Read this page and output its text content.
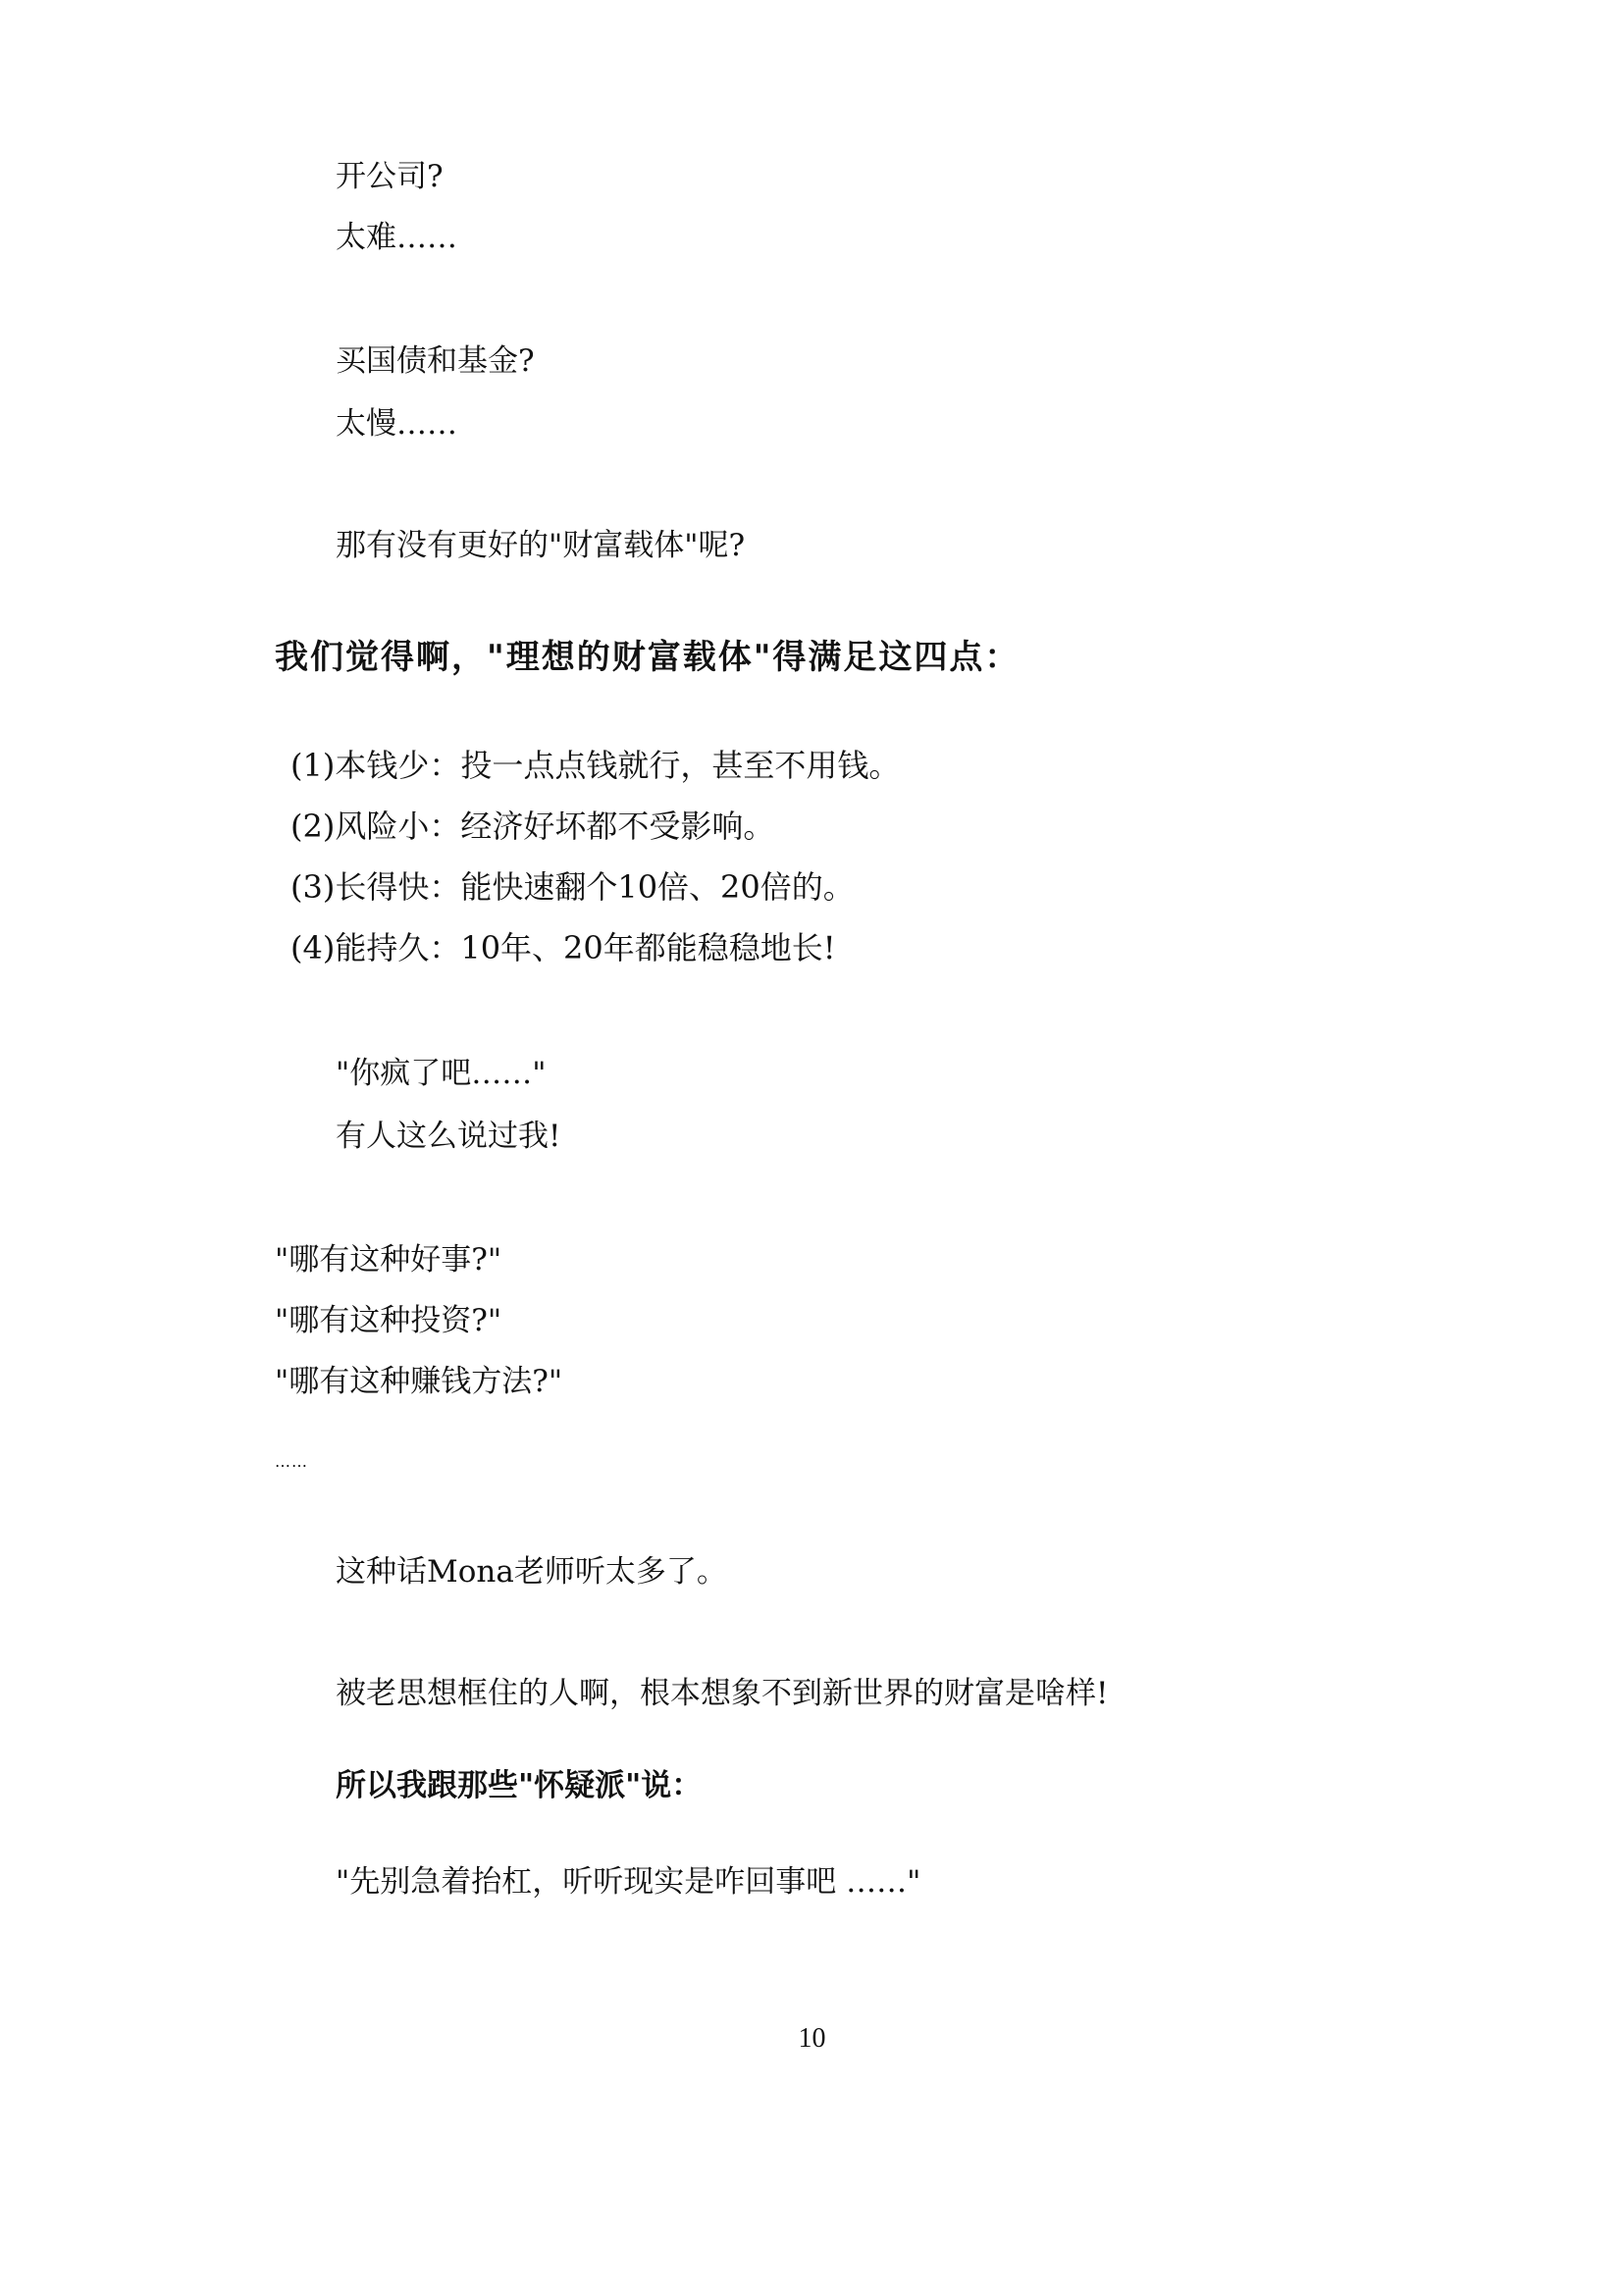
开公司?
太难……
买国债和基金?
太慢……
那有没有更好的"财富载体"呢?
我们觉得啊，"理想的财富载体"得满足这四点：
(1)本钱少：投一点点钱就行，甚至不用钱。
(2)风险小：经济好坏都不受影响。
(3)长得快：能快速翻个10倍、20倍的。
(4)能持久：10年、20年都能稳稳地长!
"你疯了吧……"
有人这么说过我!
"哪有这种好事?"
"哪有这种投资?"
"哪有这种赚钱方法?"
……
这种话Mona老师听太多了。
被老思想框住的人啊，根本想象不到新世界的财富是啥样!
所以我跟那些"怀疑派"说：
"先别急着抬杠，听听现实是咋回事吧 ……"
10
